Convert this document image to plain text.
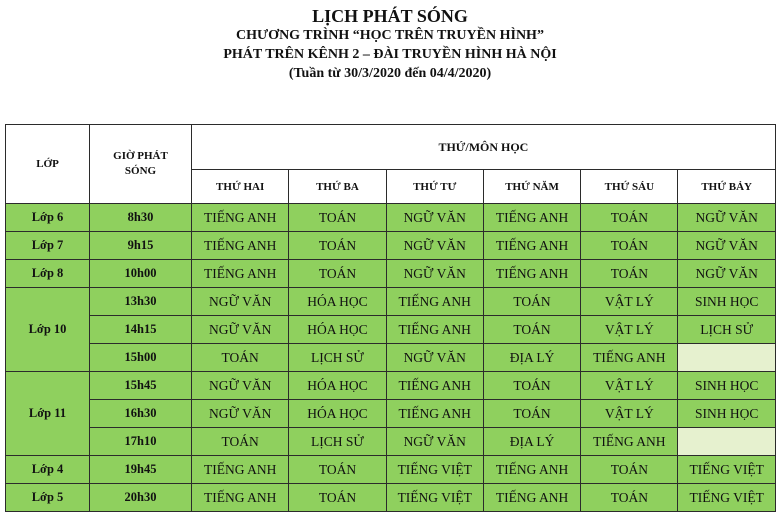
LỊCH PHÁT SÓNG
CHƯƠNG TRÌNH “HỌC TRÊN TRUYỀN HÌNH”
PHÁT TRÊN KÊNH 2 – ĐÀI TRUYỀN HÌNH HÀ NỘI
(Tuần từ 30/3/2020 đến 04/4/2020)
LỚP	GIỜ PHÁT SÓNG	THỨ/MÔN HỌC					
		THỨ HAI	THỨ BA	THỨ TƯ	THỨ NĂM	THỨ SÁU	THỨ BẢY
Lớp 6	8h30	TIẾNG ANH	TOÁN	NGỮ VĂN	TIẾNG ANH	TOÁN	NGỮ VĂN
Lớp 7	9h15	TIẾNG ANH	TOÁN	NGỮ VĂN	TIẾNG ANH	TOÁN	NGỮ VĂN
Lớp 8	10h00	TIẾNG ANH	TOÁN	NGỮ VĂN	TIẾNG ANH	TOÁN	NGỮ VĂN
Lớp 10	13h30	NGỮ VĂN	HÓA HỌC	TIẾNG ANH	TOÁN	VẬT LÝ	SINH HỌC
	14h15	NGỮ VĂN	HÓA HỌC	TIẾNG ANH	TOÁN	VẬT LÝ	LỊCH SỬ
	15h00	TOÁN	LỊCH SỬ	NGỮ VĂN	ĐỊA LÝ	TIẾNG ANH	
Lớp 11	15h45	NGỮ VĂN	HÓA HỌC	TIẾNG ANH	TOÁN	VẬT LÝ	SINH HỌC
	16h30	NGỮ VĂN	HÓA HỌC	TIẾNG ANH	TOÁN	VẬT LÝ	SINH HỌC
	17h10	TOÁN	LỊCH SỬ	NGỮ VĂN	ĐỊA LÝ	TIẾNG ANH	
Lớp 4	19h45	TIẾNG ANH	TOÁN	TIẾNG VIỆT	TIẾNG ANH	TOÁN	TIẾNG VIỆT
Lớp 5	20h30	TIẾNG ANH	TOÁN	TIẾNG VIỆT	TIẾNG ANH	TOÁN	TIẾNG VIỆT
